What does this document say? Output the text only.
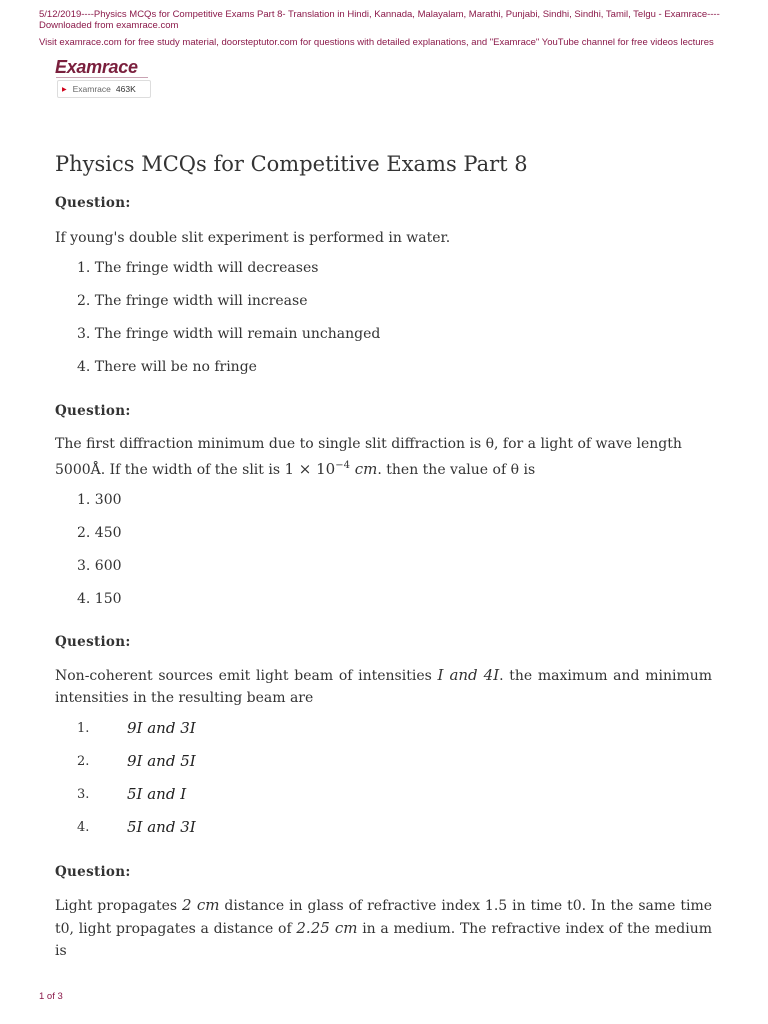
5/12/2019----Physics MCQs for Competitive Exams Part 8- Translation in Hindi, Kannada, Malayalam, Marathi, Punjabi, Sindhi, Sindhi, Tamil, Telgu - Examrace----Downloaded from examrace.com

Visit examrace.com for free study material, doorsteptutor.com for questions with detailed explanations, and "Examrace" YouTube channel for free videos lectures

Examrace
▶ Examrace 463K
Physics MCQs for Competitive Exams Part 8
Question:
If young's double slit experiment is performed in water.
1. The fringe width will decreases
2. The fringe width will increase
3. The fringe width will remain unchanged
4. There will be no fringe
Question:
The first diffraction minimum due to single slit diffraction is θ, for a light of wave length 5000Å. If the width of the slit is $1 \times 10^{-4}$ cm. then the value of θ is
1. 300
2. 450
3. 600
4. 150
Question:
Non-coherent sources emit light beam of intensities I and 4I. the maximum and minimum intensities in the resulting beam are
1.	9I and 3I
2.	9I and 5I
3.	5I and I
4.	5I and 3I
Question:
Light propagates 2 cm distance in glass of refractive index 1.5 in time t0. In the same time t0, light propagates a distance of 2.25 cm in a medium. The refractive index of the medium is
1 of 3
